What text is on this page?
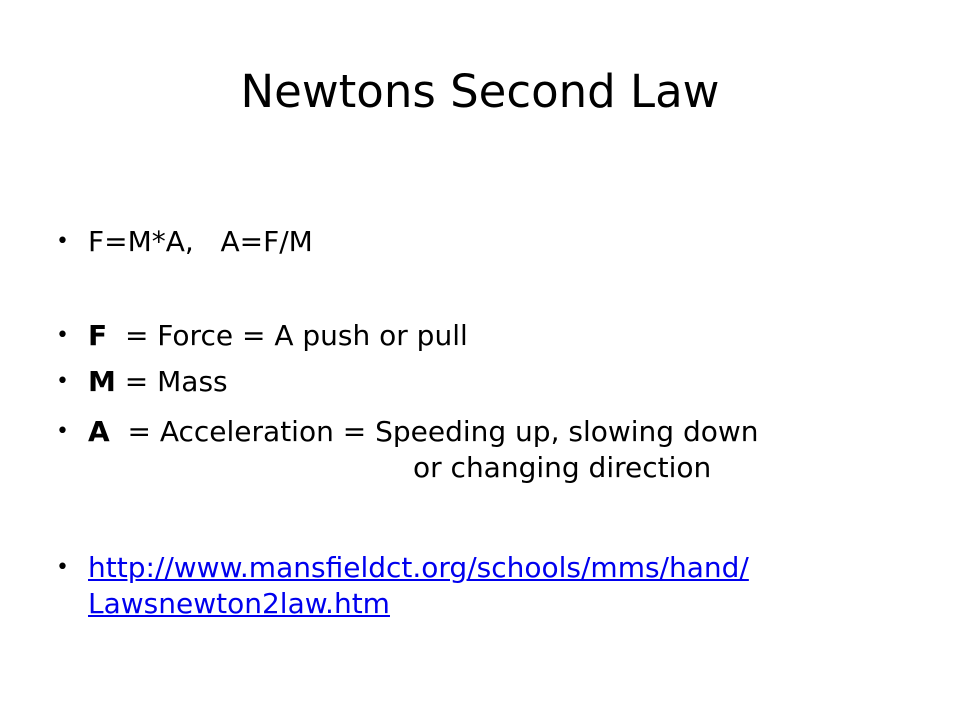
Newtons Second Law
• F=M*A,   A=F/M
• F  = Force = A push or pull
• M = Mass
• A  = Acceleration = Speeding up, slowing down
or changing direction
• http://www.mansfieldct.org/schools/mms/hand/
Lawsnewton2law.htm
